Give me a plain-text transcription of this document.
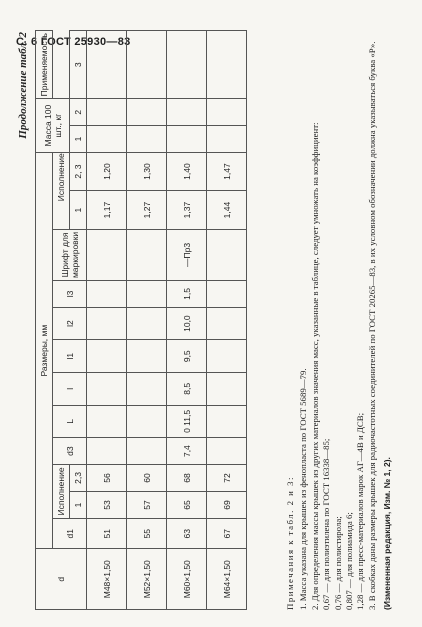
С. 6 ГОСТ 25930—83
Продолжение табл. 2
d	Размеры, мм												Масса 100 шт., кг		Применяемость
	d1	Исполнение		d3	L	l	l1	l2	l3	Шрифт для маркировки	Исполнение				
		1	2,3								1	2, 3	1	2	3
М48×1,50	51	53	56								1,17	1,20			
М52×1,50	55	57	60								1,27	1,30			
М60×1,50	63	65	68	7,4	0 11,5	8,5	9,5	10,0	1,5	—Пр3	1,37	1,40			
М64×1,50	67	69	72								1,44	1,47			

Примечания к табл. 2 и 3: 1. Масса указана для крышек из фенопласта по ГОСТ 5689—79. 2. Для определения массы крышек из других материалов значения масс, указанные в таблице, следует умножать на коэффициент: 0,67 — для полиэтилена по ГОСТ 16338—85; 0,76 — для полистирола; 0,807 — для полиамида 6; 1,28 — для пресс-материалов марок АГ—4В и ДСВ; 3. В скобках даны размеры крышек для радиочастотных соединителей по ГОСТ 20265—83, в их условном обозначении должна указываться буква «Р». (Измененная редакция, Изм. № 1, 2).
